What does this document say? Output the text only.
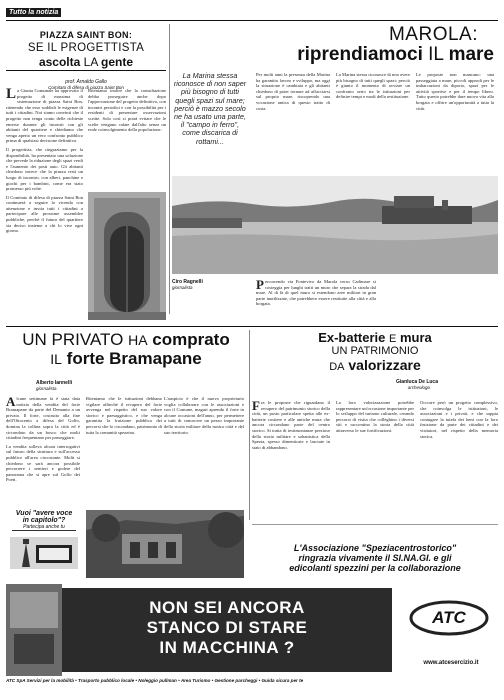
Tutto la notizia
PIAZZA SAINT BON:
SE IL PROGETTISTA
ascolta LA gente
prof. Arnaldo Gallo
Comitato di difesa di piazza Saint Bon

La Giunta Comunale ha approvato il progetto di massima di sistemazione di piazza Saint Bon, ritenendo che esso soddisfi le esigenze di tutti i cittadini. Noi siamo convinti che il progetto non tenga conto delle richieste emerse durante gli incontri con gli abitanti del quartiere e chiediamo che venga aperto un vero confronto pubblico prima di qualsiasi decisione definitiva.

Il progettista, che ringraziamo per la disponibilità, ha presentato una soluzione che prevede la riduzione degli spazi verdi e l'aumento dei posti auto. Gli abitanti chiedono invece che la piazza resti un luogo di incontro, con alberi, panchine e giochi per i bambini, come era stato promesso più volte.

Il Comitato di difesa di piazza Saint Bon continuerà a seguire la vicenda con attenzione e invita tutti i cittadini a partecipare alle prossime assemblee pubbliche, perché il futuro del quartiere sia deciso insieme a chi lo vive ogni giorno.

Riteniamo inoltre che la consultazione debba proseguire anche dopo l'approvazione del progetto definitivo, con incontri periodici e con la possibilità per i residenti di presentare osservazioni scritte. Solo così si potrà evitare che le scelte vengano calate dall'alto senza un reale coinvolgimento della popolazione.

MAROLA:
riprendiamoci IL mare
La Marina stessa riconosce di non saper più bisogno di tutti quegli spazi sul mare; perciò è mazzo secolo ne ha usato una parte, il "campo in ferro", come discarica di rottami...
Ciro Ragnelli
giornalista

Per molti anni la presenza della Marina ha garantito lavoro e sviluppo, ma oggi la situazione è cambiata e gli abitanti chiedono di poter tornare ad affacciarsi sul proprio mare, riscoprendo una vocazione antica di questo tratto di costa.

La Marina stessa riconosce di non avere più bisogno di tutti quegli spazi; perciò è giunto il momento di avviare un confronto serio tra le istituzioni per definire tempi e modi della restituzione.

Le proposte non mancano: una passeggiata a mare, piccoli approdi per le imbarcazioni da diporto, spazi per le attività sportive e per il tempo libero. Tutto questo potrebbe dare nuova vita alla borgata e offrire un'opportunità a tutta la città.

Percorrendo via Fontevivo da Marola verso Cadimare si costeggia per lunghi tratti un muro che separa la strada dal mare. Al di là di quel muro si estendono aree militari in gran parte inutilizzate, che potrebbero essere restituite alla città e alla borgata.

UN PRIVATO HA comprato
IL forte Bramapane
Alberto Iannelli
giornalista

Alcune settimane fa è stata data notizia della vendita del forte Bramapane da parte del Demanio a un privato. Il forte, costruito alla fine dell'Ottocento a difesa del Golfo, domina la collina sopra la città ed è circondato da un bosco che molti cittadini frequentano per passeggiare.

La vendita solleva alcuni interrogativi sul futuro della struttura e sull'accesso pubblico all'area circostante. Molti si chiedono se sarà ancora possibile percorrere i sentieri e godere del panorama che si apre sul Golfo dei Poeti.

Riteniamo che le istituzioni debbano vigilare affinché il recupero del forte avvenga nel rispetto del suo valore storico e paesaggistico, e che venga garantita la fruizione pubblica dei percorsi che lo circondano, patrimonio di tutta la comunità spezzina.

Vuoi "avere voce
in capitolo"?
Partecipa anche tu
Ex-batterie E mura
UN PATRIMONIO
DA valorizzare
Gianluca De Luca
archeologo

Fra le proposte che riguardano il recupero del patrimonio storico della città, un posto particolare spetta alle ex-batterie costiere e alle antiche mura che ancora circondano parte del centro storico. Si tratta di testimonianze preziose della storia militare e urbanistica della Spezia, spesso dimenticate e lasciate in stato di abbandono.

La loro valorizzazione potrebbe rappresentare un'occasione importante per lo sviluppo del turismo culturale, creando percorsi di visita che colleghino i diversi siti e raccontino la storia della città attraverso le sue fortificazioni.

Occorre però un progetto complessivo, che coinvolga le istituzioni, le associazioni e i privati, e che sappia coniugare la tutela dei beni con la loro fruizione da parte dei cittadini e dei visitatori, nel rispetto della memoria storica.

L'auspicio è che il nuovo proprietario voglia collaborare con le associazioni e con il Comune, magari aprendo il forte in alcune occasioni dell'anno, per permettere a tutti di conoscere un pezzo importante della storia militare della nostra città e del suo territorio.

L'Associazione "Speziacentrostorico"
ringrazia vivamente il SI.NA.GI. e gli
edicolanti spezzini per la collaborazione
NON SEI ANCORA
STANCO DI STARE
IN MACCHINA ?
ATC
www.atcesercizio.it
ATC SpA Servizi per la mobilità • Trasporto pubblico locale • Noleggio pullman • Area Turismo • Gestione parcheggi • Guida sicura per te
